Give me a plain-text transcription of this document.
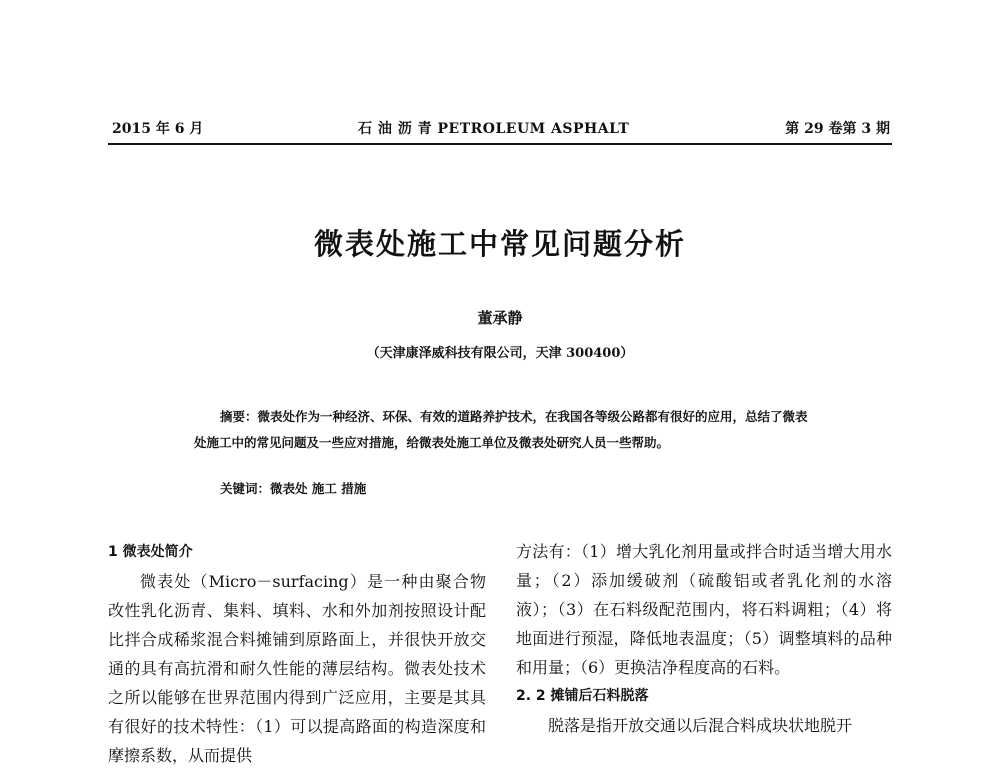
2015 年 6 月	石 油 沥 青 PETROLEUM ASPHALT	第 29 卷第 3 期
微表处施工中常见问题分析
董承静
（天津康泽威科技有限公司，天津 300400）
摘要：微表处作为一种经济、环保、有效的道路养护技术，在我国各等级公路都有很好的应用，总结了微表处施工中的常见问题及一些应对措施，给微表处施工单位及微表处研究人员一些帮助。
关键词：微表处 施工 措施

1 微表处简介

微表处（Micro－surfacing）是一种由聚合物改性乳化沥青、集料、填料、水和外加剂按照设计配比拌合成稀浆混合料摊铺到原路面上，并很快开放交通的具有高抗滑和耐久性能的薄层结构。微表处技术之所以能够在世界范围内得到广泛应用，主要是其具有很好的技术特性：（1）可以提高路面的构造深度和摩擦系数，从而提供

方法有：（1）增大乳化剂用量或拌合时适当增大用水量；（2）添加缓破剂（硫酸铝或者乳化剂的水溶液）；（3）在石料级配范围内，将石料调粗；（4）将地面进行预湿，降低地表温度；（5）调整填料的品种和用量；（6）更换洁净程度高的石料。

2. 2 摊铺后石料脱落

脱落是指开放交通以后混合料成块状地脱开
